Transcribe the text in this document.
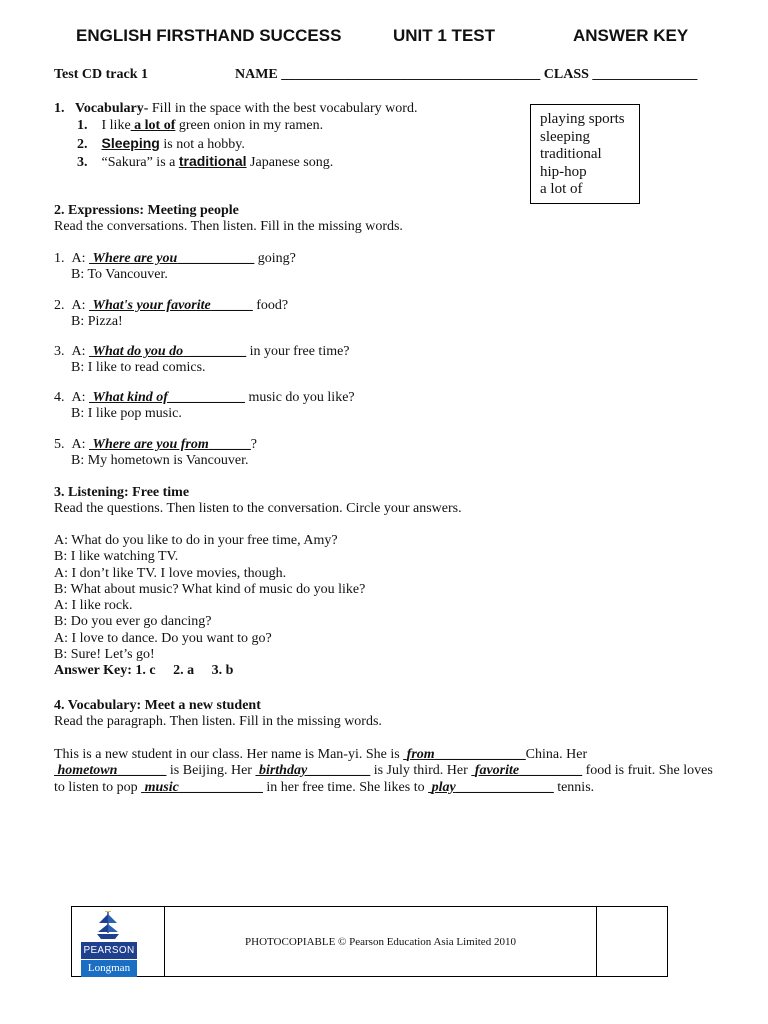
ENGLISH FIRSTHAND SUCCESS	UNIT 1 TEST	ANSWER KEY
Test CD track 1	NAME _____________________________________ CLASS _______________
1. Vocabulary- Fill in the space with the best vocabulary word.
1. I like a lot of green onion in my ramen.
2. Sleeping is not a hobby.
3. “Sakura” is a traditional Japanese song.
playing sports
sleeping
traditional
hip-hop
a lot of
2. Expressions: Meeting people
Read the conversations. Then listen. Fill in the missing words.
1. A:  Where are you___________ going?
B: To Vancouver.
2. A:  What's your favorite______ food?
B: Pizza!
3. A:  What do you do  ________ in your free time?
B: I like to read comics.
4. A:  What kind of___________ music do you like?
B: I like pop music.
5. A:  Where are you from______?
B: My hometown is Vancouver.
3. Listening: Free time
Read the questions. Then listen to the conversation. Circle your answers.
A: What do you like to do in your free time, Amy?
B: I like watching TV.
A: I don’t like TV. I love movies, though.
B: What about music? What kind of music do you like?
A: I like rock.
B: Do you ever go dancing?
A: I love to dance. Do you want to go?
B: Sure! Let’s go!
Answer Key: 1. c     2. a     3. b
4. Vocabulary: Meet a new student
Read the paragraph. Then listen. Fill in the missing words.
This is a new student in our class. Her name is Man-yi. She is  from_____________China. Her
hometown_______ is Beijing. Her  birthday_________ is July third. Her  favorite_________ food is fruit. She loves
to listen to pop  music____________ in her free time. She likes to  play______________ tennis.
PEARSON
Longman
PHOTOCOPIABLE © Pearson Education Asia Limited 2010
